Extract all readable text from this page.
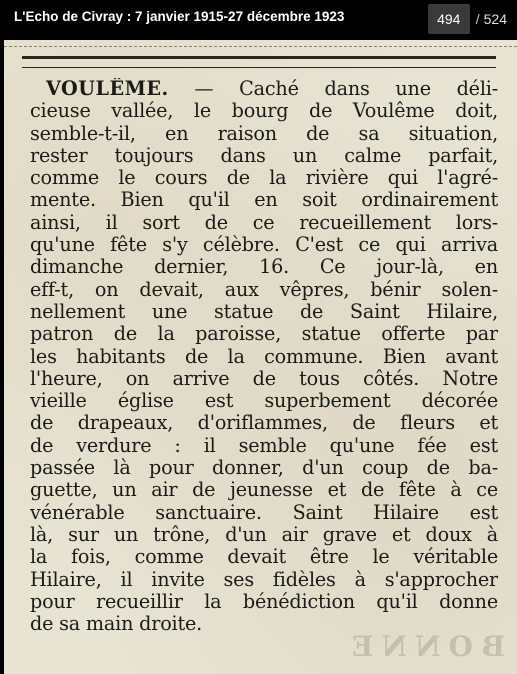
L'Echo de Civray : 7 janvier 1915-27 décembre 1923	494	/ 524
VOULÊME. — Caché dans une déli-
cieuse vallée, le bourg de Voulême doit,
semble-t-il, en raison de sa situation,
rester toujours dans un calme parfait,
comme le cours de la rivière qui l'agré-
mente. Bien qu'il en soit ordinairement
ainsi, il sort de ce recueillement lors-
qu'une fête s'y célèbre. C'est ce qui arriva
dimanche dernier, 16. Ce jour-là, en
eff-t, on devait, aux vêpres, bénir solen-
nellement une statue de Saint Hilaire,
patron de la paroisse, statue offerte par
les habitants de la commune. Bien avant
l'heure, on arrive de tous côtés. Notre
vieille église est superbement décorée
de drapeaux, d'oriflammes, de fleurs et
de verdure : il semble qu'une fée est
passée là pour donner, d'un coup de ba-
guette, un air de jeunesse et de fête à ce
vénérable sanctuaire. Saint Hilaire est
là, sur un trône, d'un air grave et doux à
la fois, comme devait être le véritable
Hilaire, il invite ses fidèles à s'approcher
pour recueillir la bénédiction qu'il donne
de sa main droite.
BONNE
